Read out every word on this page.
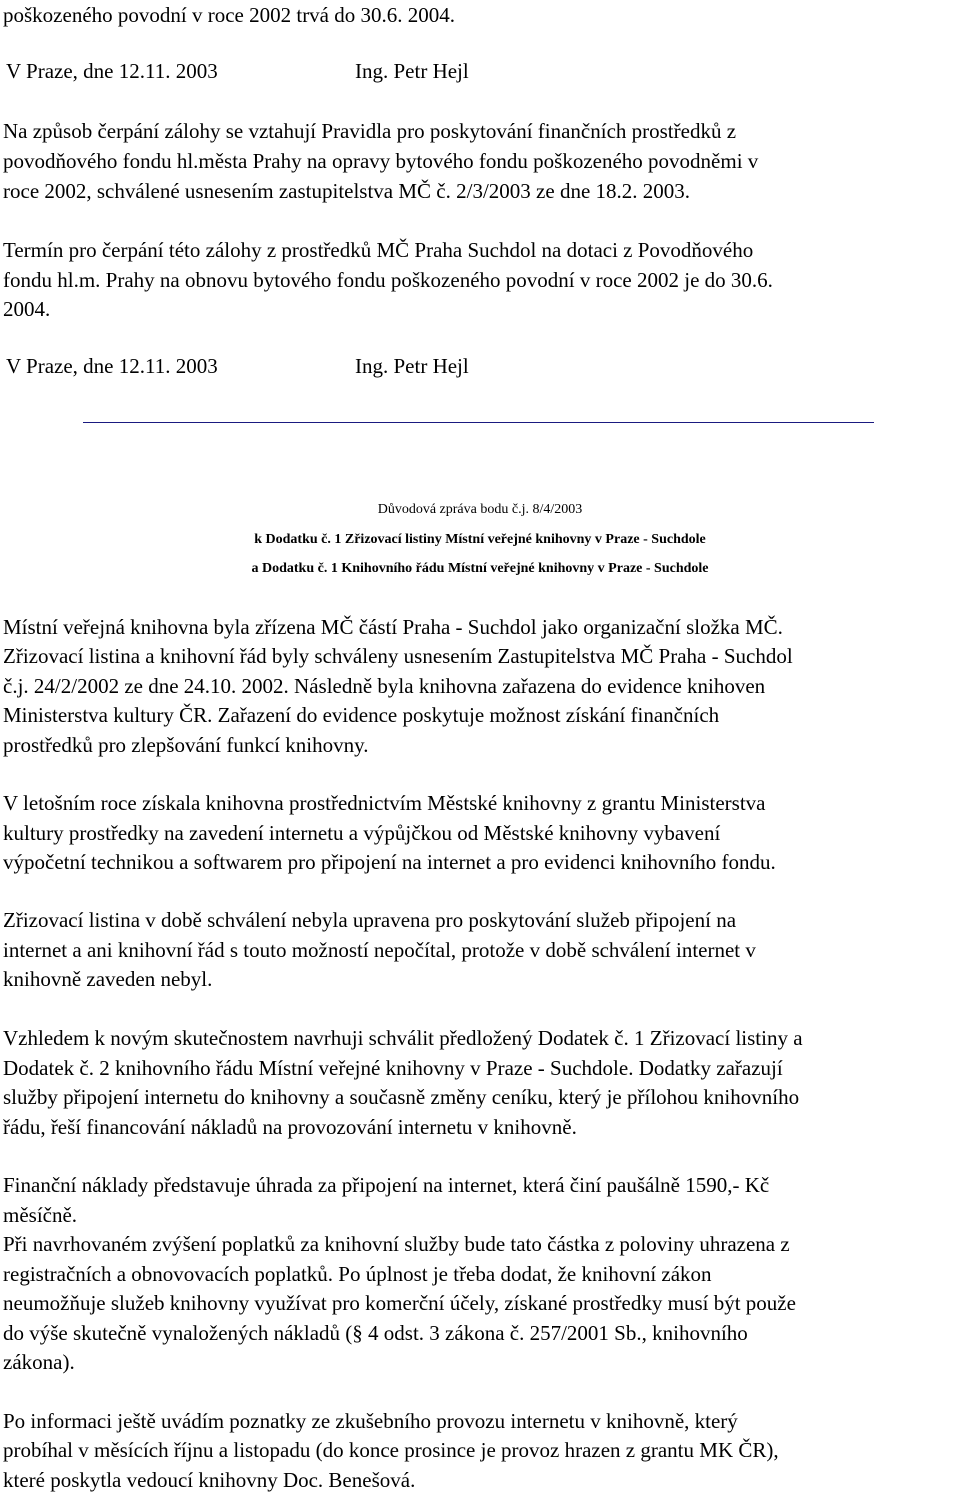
poškozeného povodní v roce 2002 trvá do 30.6. 2004.
V Praze, dne 12.11. 2003	Ing. Petr Hejl
Na způsob čerpání zálohy se vztahují Pravidla pro poskytování finančních prostředků z
povodňového fondu hl.města Prahy na opravy bytového fondu poškozeného povodněmi v
roce 2002, schválené usnesením zastupitelstva MČ č. 2/3/2003 ze dne 18.2. 2003.
Termín pro čerpání této zálohy z prostředků MČ Praha Suchdol na dotaci z Povodňového
fondu hl.m. Prahy na obnovu bytového fondu poškozeného povodní v roce 2002 je do 30.6.
2004.
V Praze, dne 12.11. 2003	Ing. Petr Hejl
Důvodová zpráva bodu č.j. 8/4/2003
k Dodatku č. 1 Zřizovací listiny Místní veřejné knihovny v Praze - Suchdole
a Dodatku č. 1 Knihovního řádu Místní veřejné knihovny v Praze - Suchdole
Místní veřejná knihovna byla zřízena MČ částí Praha - Suchdol jako organizační složka MČ.
Zřizovací listina a knihovní řád byly schváleny usnesením Zastupitelstva MČ Praha - Suchdol
č.j. 24/2/2002 ze dne 24.10. 2002. Následně byla knihovna zařazena do evidence knihoven
Ministerstva kultury ČR. Zařazení do evidence poskytuje možnost získání finančních
prostředků pro zlepšování funkcí knihovny.
V letošním roce získala knihovna prostřednictvím Městské knihovny z grantu Ministerstva
kultury prostředky na zavedení internetu a výpůjčkou od Městské knihovny vybavení
výpočetní technikou a softwarem pro připojení na internet a pro evidenci knihovního fondu.
Zřizovací listina v době schválení nebyla upravena pro poskytování služeb připojení na
internet a ani knihovní řád s touto možností nepočítal, protože v době schválení internet v
knihovně zaveden nebyl.
Vzhledem k novým skutečnostem navrhuji schválit předložený Dodatek č. 1 Zřizovací listiny a
Dodatek č. 2 knihovního řádu Místní veřejné knihovny v Praze - Suchdole. Dodatky zařazují
služby připojení internetu do knihovny a současně změny ceníku, který je přílohou knihovního
řádu, řeší financování nákladů na provozování internetu v knihovně.
Finanční náklady představuje úhrada za připojení na internet, která činí paušálně 1590,- Kč
měsíčně.
Při navrhovaném zvýšení poplatků za knihovní služby bude tato částka z poloviny uhrazena z
registračních a obnovovacích poplatků. Po úplnost je třeba dodat, že knihovní zákon
neumožňuje služeb knihovny využívat pro komerční účely, získané prostředky musí být použe
do výše skutečně vynaložených nákladů (§ 4 odst. 3 zákona č. 257/2001 Sb., knihovního
zákona).
Po informaci ještě uvádím poznatky ze zkušebního provozu internetu v knihovně, který
probíhal v měsících říjnu a listopadu (do konce prosince je provoz hrazen z grantu MK ČR),
které poskytla vedoucí knihovny Doc. Benešová.
